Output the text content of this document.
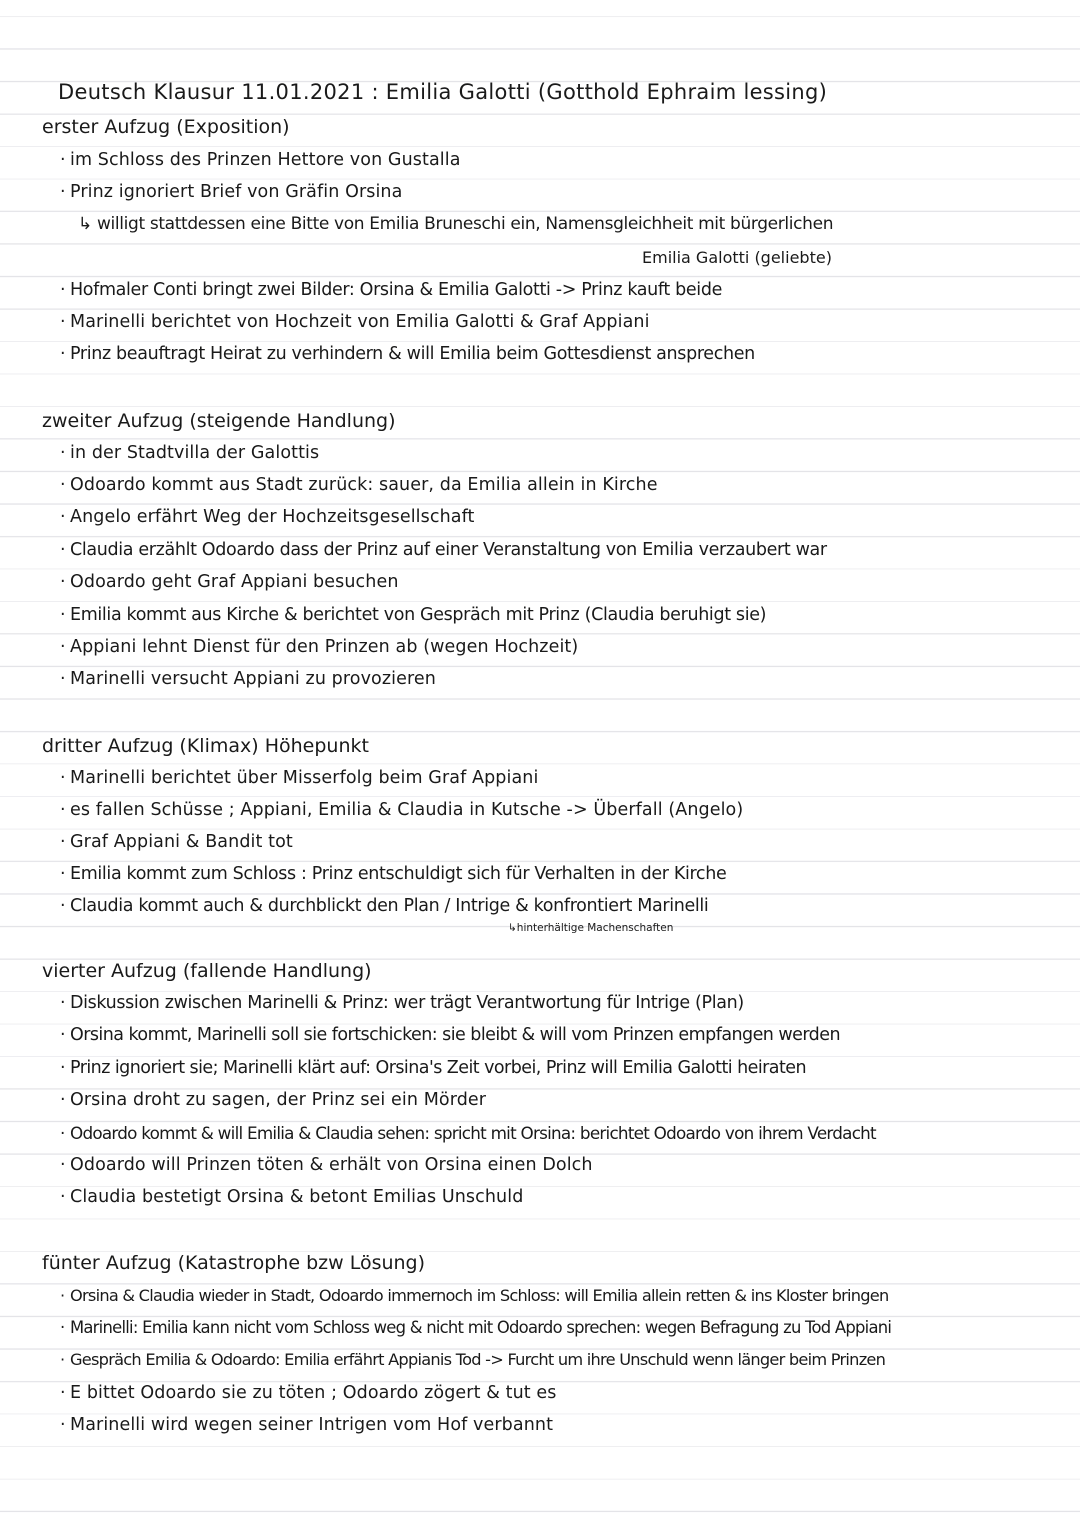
Deutsch Klausur 11.01.2021 : Emilia Galotti (Gotthold Ephraim lessing)
erster Aufzug (Exposition)
· im Schloss des Prinzen Hettore von Gustalla
· Prinz ignoriert Brief von Gräfin Orsina
↳ willigt stattdessen eine Bitte von Emilia Bruneschi ein, Namensgleichheit mit bürgerlichen
Emilia Galotti (geliebte)
· Hofmaler Conti bringt zwei Bilder: Orsina & Emilia Galotti -> Prinz kauft beide
· Marinelli berichtet von Hochzeit von Emilia Galotti & Graf Appiani
· Prinz beauftragt Heirat zu verhindern & will Emilia beim Gottesdienst ansprechen
zweiter Aufzug (steigende Handlung)
· in der Stadtvilla der Galottis
· Odoardo kommt aus Stadt zurück: sauer, da Emilia allein in Kirche
· Angelo erfährt Weg der Hochzeitsgesellschaft
· Claudia erzählt Odoardo dass der Prinz auf einer Veranstaltung von Emilia verzaubert war
· Odoardo geht Graf Appiani besuchen
· Emilia kommt aus Kirche & berichtet von Gespräch mit Prinz (Claudia beruhigt sie)
· Appiani lehnt Dienst für den Prinzen ab (wegen Hochzeit)
· Marinelli versucht Appiani zu provozieren
dritter Aufzug (Klimax) Höhepunkt
· Marinelli berichtet über Misserfolg beim Graf Appiani
· es fallen Schüsse ; Appiani, Emilia & Claudia in Kutsche -> Überfall (Angelo)
· Graf Appiani & Bandit tot
· Emilia kommt zum Schloss : Prinz entschuldigt sich für Verhalten in der Kirche
· Claudia kommt auch & durchblickt den Plan / Intrige & konfrontiert Marinelli
↳hinterhältige Machenschaften
vierter Aufzug (fallende Handlung)
· Diskussion zwischen Marinelli & Prinz: wer trägt Verantwortung für Intrige (Plan)
· Orsina kommt, Marinelli soll sie fortschicken: sie bleibt & will vom Prinzen empfangen werden
· Prinz ignoriert sie; Marinelli klärt auf: Orsina's Zeit vorbei, Prinz will Emilia Galotti heiraten
· Orsina droht zu sagen, der Prinz sei ein Mörder
· Odoardo kommt & will Emilia & Claudia sehen: spricht mit Orsina: berichtet Odoardo von ihrem Verdacht
· Odoardo will Prinzen töten & erhält von Orsina einen Dolch
· Claudia bestetigt Orsina & betont Emilias Unschuld
fünter Aufzug (Katastrophe bzw Lösung)
· Orsina & Claudia wieder in Stadt, Odoardo immernoch im Schloss: will Emilia allein retten & ins Kloster bringen
· Marinelli: Emilia kann nicht vom Schloss weg & nicht mit Odoardo sprechen: wegen Befragung zu Tod Appiani
· Gespräch Emilia & Odoardo: Emilia erfährt Appianis Tod -> Furcht um ihre Unschuld wenn länger beim Prinzen
· E bittet Odoardo sie zu töten ; Odoardo zögert & tut es
· Marinelli wird wegen seiner Intrigen vom Hof verbannt
